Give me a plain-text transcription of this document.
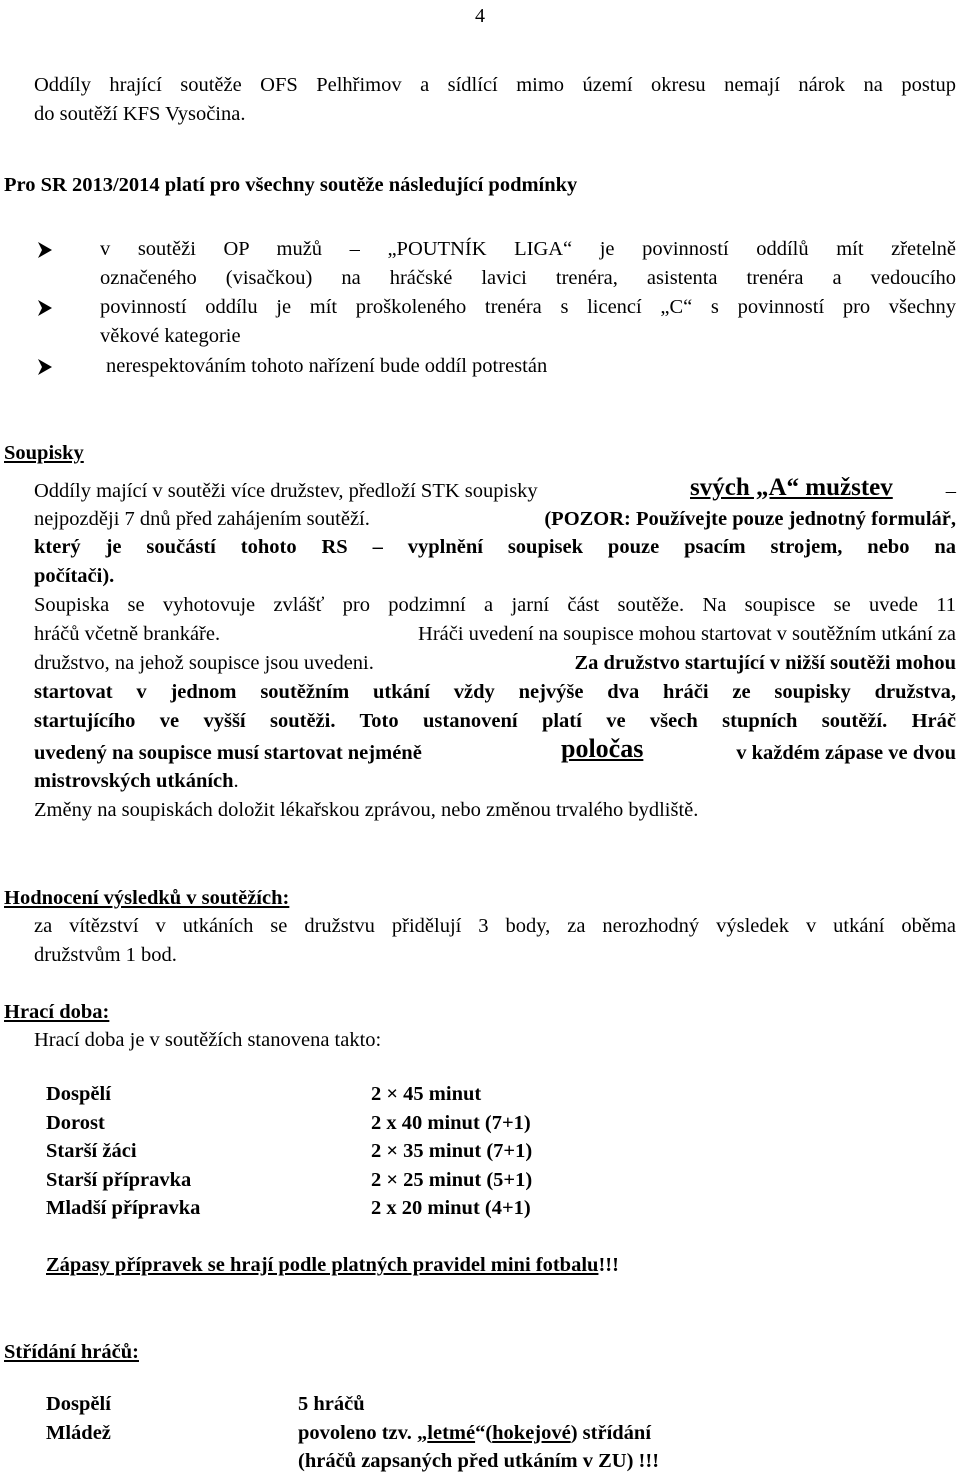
4
Oddíly hrající soutěže OFS Pelhřimov a sídlící mimo území okresu nemají nárok na postup
do soutěží KFS Vysočina.
Pro SR 2013/2014 platí pro všechny soutěže následující podmínky
v soutěži OP mužů – „POUTNÍK LIGA“ je povinností oddílů mít zřetelně
označeného (visačkou) na hráčské lavici trenéra, asistenta trenéra a vedoucího
povinností oddílu je mít proškoleného trenéra s licencí „C“ s povinností pro všechny
věkové kategorie
nerespektováním tohoto nařízení bude oddíl potrestán
Soupisky
Oddíly mající v soutěži více družstev, předloží STK soupisky	svých „A“ mužstev	–
nejpozději 7 dnů před zahájením soutěží.	(POZOR: Používejte pouze jednotný formulář,
který je součástí tohoto RS – vyplnění soupisek pouze psacím strojem, nebo na
počítači).
Soupiska se vyhotovuje zvlášť pro podzimní a jarní část soutěže. Na soupisce se uvede 11
hráčů včetně brankáře.	Hráči uvedení na soupisce mohou startovat v soutěžním utkání za
družstvo, na jehož soupisce jsou uvedeni.	Za družstvo startující v nižší soutěži mohou
startovat v jednom soutěžním utkání vždy nejvýše dva hráči ze soupisky družstva,
startujícího ve vyšší soutěži. Toto ustanovení platí ve všech stupních soutěží. Hráč
uvedený na soupisce musí startovat nejméně	poločas	v každém zápase ve dvou
mistrovských utkáních.
Změny na soupiskách doložit lékařskou zprávou, nebo změnou trvalého bydliště.
Hodnocení výsledků v soutěžích:
za vítězství v utkáních se družstvu přidělují 3 body, za nerozhodný výsledek v utkání oběma
družstvům 1 bod.
Hrací doba:
Hrací doba je v soutěžích stanovena takto:
Dospělí	2 × 45 minut
Dorost	2 x 40 minut (7+1)
Starší žáci	2 × 35 minut (7+1)
Starší přípravka	2 × 25 minut (5+1)
Mladší přípravka	2 x 20 minut (4+1)
Zápasy přípravek se hrají podle platných pravidel mini fotbalu!!!
Střídání hráčů:
Dospělí	5 hráčů
Mládež	povoleno tzv. „letmé“(hokejové) střídání
(hráčů zapsaných před utkáním v ZU) !!!
